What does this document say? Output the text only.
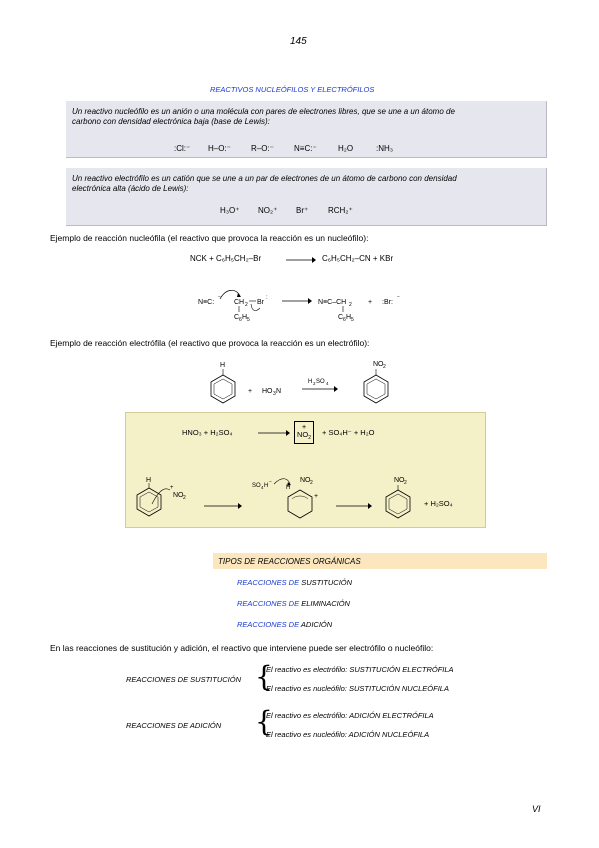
145
REACTIVOS NUCLEÓFILOS Y ELECTRÓFILOS
Un reactivo nucleófilo es un anión o una molécula con pares de electrones libres, que se une a un átomo de
carbono con densidad electrónica baja (base de Lewis):
:Cl:⁻ H–O:⁻	R–O:⁻	N≡C:⁻	H₂O	:NH₃
Un reactivo electrófilo es un catión que se une a un par de electrones de un átomo de carbono con densidad
electrónica alta (ácido de Lewis):
H₃O⁺ NO₂⁺ Br⁺ RCH₂⁺
Ejemplo de reacción nucleófila (el reactivo que provoca la reacción es un nucleófilo):
NCK + C₆H₅CH₂–Br	→ C₆H₅CH₂–CN + KBr
N≡C:
−
CH 2 Br
:
C 6 H 5
N≡C–CH 2
C 6 H 5
+ :Br:
−
Ejemplo de reacción electrófila (el reactivo que provoca la reacción es un electrófilo):
H
+ HO 3 N
H 2 SO 4
NO 2
HNO₃ + H₂SO₄
+
$NO_2$
+ SO₄H⁻ + H₂O
H
+
NO 2
SO 4 H
−
H
NO 2
+
NO 2
+ H₂SO₄
TIPOS DE REACCIONES ORGÁNICAS
REACCIONES DE SUSTITUCIÓN
REACCIONES DE ELIMINACIÓN
REACCIONES DE ADICIÓN
En las reacciones de sustitución y adición, el reactivo que interviene puede ser electrófilo o nucleófilo:
REACCIONES DE SUSTITUCIÓN {
El reactivo es electrófilo: SUSTITUCIÓN ELECTRÓFILA
El reactivo es nucleófilo: SUSTITUCIÓN NUCLEÓFILA
REACCIONES DE ADICIÓN {
El reactivo es electrófilo: ADICIÓN ELECTRÓFILA
El reactivo es nucleófilo: ADICIÓN NUCLEÓFILA
VI
